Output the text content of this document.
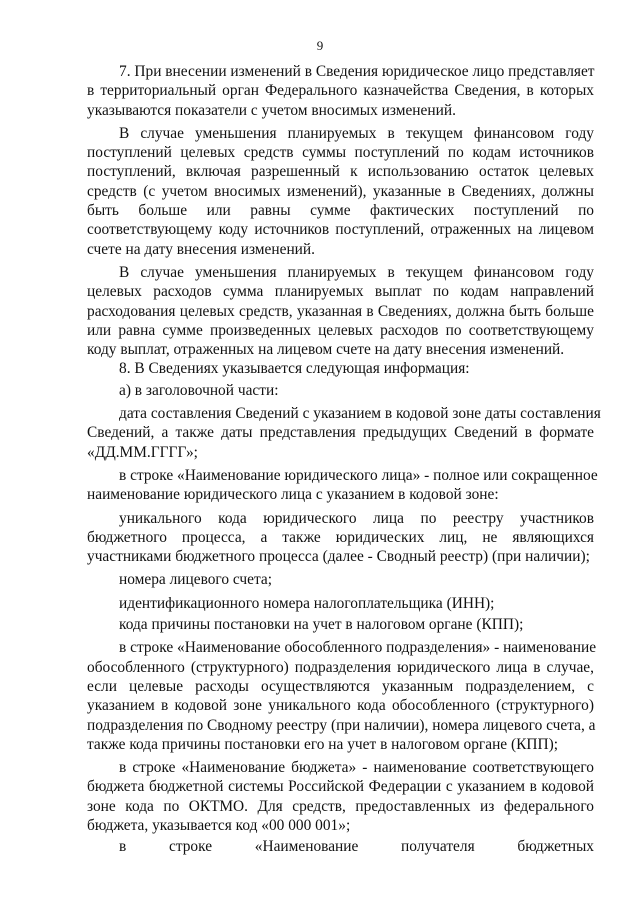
9
7. При внесении изменений в Сведения юридическое лицо представляет
в территориальный орган Федерального казначейства Сведения, в которых
указываются показатели с учетом вносимых изменений.
В случае уменьшения планируемых в текущем финансовом году
поступлений целевых средств суммы поступлений по кодам источников
поступлений, включая разрешенный к использованию остаток целевых
средств (с учетом вносимых изменений), указанные в Сведениях, должны
быть больше или равны сумме фактических поступлений по
соответствующему коду источников поступлений, отраженных на лицевом
счете на дату внесения изменений.
В случае уменьшения планируемых в текущем финансовом году
целевых расходов сумма планируемых выплат по кодам направлений
расходования целевых средств, указанная в Сведениях, должна быть больше
или равна сумме произведенных целевых расходов по соответствующему
коду выплат, отраженных на лицевом счете на дату внесения изменений.
8. В Сведениях указывается следующая информация:
а) в заголовочной части:
дата составления Сведений с указанием в кодовой зоне даты составления
Сведений, а также даты представления предыдущих Сведений в формате
«ДД.ММ.ГГГГ»;
в строке «Наименование юридического лица» - полное или сокращенное
наименование юридического лица с указанием в кодовой зоне:
уникального кода юридического лица по реестру участников
бюджетного процесса, а также юридических лиц, не являющихся
участниками бюджетного процесса (далее - Сводный реестр) (при наличии);
номера лицевого счета;
идентификационного номера налогоплательщика (ИНН);
кода причины постановки на учет в налоговом органе (КПП);
в строке «Наименование обособленного подразделения» - наименование
обособленного (структурного) подразделения юридического лица в случае,
если целевые расходы осуществляются указанным подразделением, с
указанием в кодовой зоне уникального кода обособленного (структурного)
подразделения по Сводному реестру (при наличии), номера лицевого счета, а
также кода причины постановки его на учет в налоговом органе (КПП);
в строке «Наименование бюджета» - наименование соответствующего
бюджета бюджетной системы Российской Федерации с указанием в кодовой
зоне кода по ОКТМО. Для средств, предоставленных из федерального
бюджета, указывается код «00 000 001»;
в строке «Наименование получателя бюджетных
